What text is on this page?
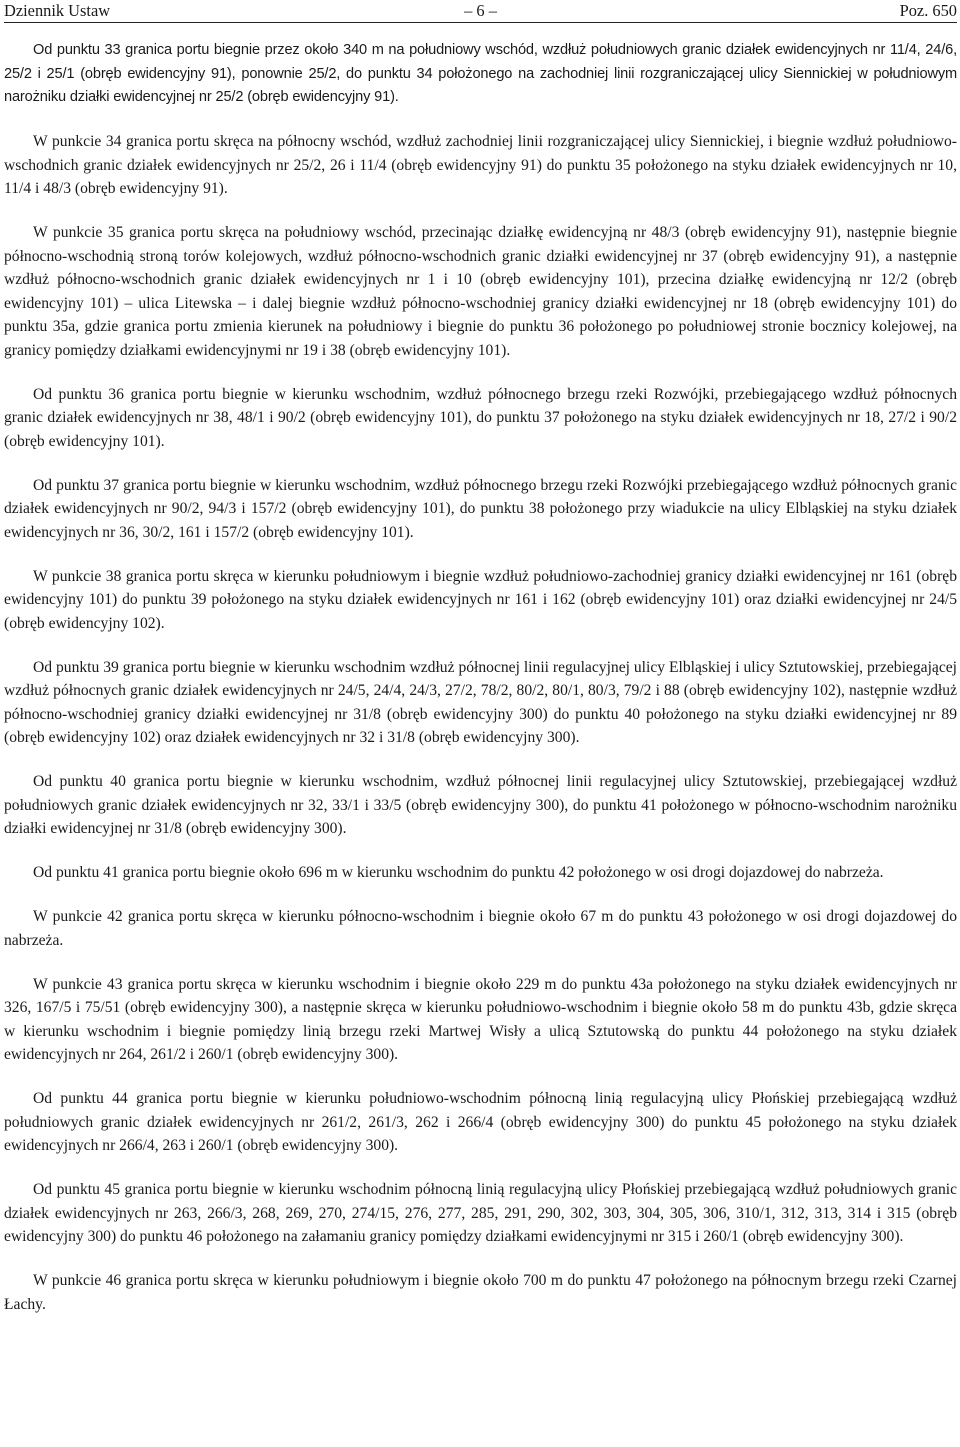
Dziennik Ustaw	– 6 –	Poz. 650

Od punktu 33 granica portu biegnie przez około 340 m na południowy wschód, wzdłuż południowych granic działek ewidencyjnych nr 11/4, 24/6, 25/2 i 25/1 (obręb ewidencyjny 91), ponownie 25/2, do punktu 34 położonego na zachodniej linii rozgraniczającej ulicy Siennickiej w południowym narożniku działki ewidencyjnej nr 25/2 (obręb ewidencyjny 91).

W punkcie 34 granica portu skręca na północny wschód, wzdłuż zachodniej linii rozgraniczającej ulicy Siennickiej, i biegnie wzdłuż południowo-wschodnich granic działek ewidencyjnych nr 25/2, 26 i 11/4 (obręb ewidencyjny 91) do punktu 35 położonego na styku działek ewidencyjnych nr 10, 11/4 i 48/3 (obręb ewidencyjny 91).

W punkcie 35 granica portu skręca na południowy wschód, przecinając działkę ewidencyjną nr 48/3 (obręb ewidencyjny 91), następnie biegnie północno-wschodnią stroną torów kolejowych, wzdłuż północno-wschodnich granic działki ewidencyjnej nr 37 (obręb ewidencyjny 91), a następnie wzdłuż północno-wschodnich granic działek ewidencyjnych nr 1 i 10 (obręb ewidencyjny 101), przecina działkę ewidencyjną nr 12/2 (obręb ewidencyjny 101) – ulica Litewska – i dalej biegnie wzdłuż północno-wschodniej granicy działki ewidencyjnej nr 18 (obręb ewidencyjny 101) do punktu 35a, gdzie granica portu zmienia kierunek na południowy i biegnie do punktu 36 położonego po południowej stronie bocznicy kolejowej, na granicy pomiędzy działkami ewidencyjnymi nr 19 i 38 (obręb ewidencyjny 101).

Od punktu 36 granica portu biegnie w kierunku wschodnim, wzdłuż północnego brzegu rzeki Rozwójki, przebiegającego wzdłuż północnych granic działek ewidencyjnych nr 38, 48/1 i 90/2 (obręb ewidencyjny 101), do punktu 37 położonego na styku działek ewidencyjnych nr 18, 27/2 i 90/2 (obręb ewidencyjny 101).

Od punktu 37 granica portu biegnie w kierunku wschodnim, wzdłuż północnego brzegu rzeki Rozwójki przebiegającego wzdłuż północnych granic działek ewidencyjnych nr 90/2, 94/3 i 157/2 (obręb ewidencyjny 101), do punktu 38 położonego przy wiadukcie na ulicy Elbląskiej na styku działek ewidencyjnych nr 36, 30/2, 161 i 157/2 (obręb ewidencyjny 101).

W punkcie 38 granica portu skręca w kierunku południowym i biegnie wzdłuż południowo-zachodniej granicy działki ewidencyjnej nr 161 (obręb ewidencyjny 101) do punktu 39 położonego na styku działek ewidencyjnych nr 161 i 162 (obręb ewidencyjny 101) oraz działki ewidencyjnej nr 24/5 (obręb ewidencyjny 102).

Od punktu 39 granica portu biegnie w kierunku wschodnim wzdłuż północnej linii regulacyjnej ulicy Elbląskiej i ulicy Sztutowskiej, przebiegającej wzdłuż północnych granic działek ewidencyjnych nr 24/5, 24/4, 24/3, 27/2, 78/2, 80/2, 80/1, 80/3, 79/2 i 88 (obręb ewidencyjny 102), następnie wzdłuż północno-wschodniej granicy działki ewidencyjnej nr 31/8 (obręb ewidencyjny 300) do punktu 40 położonego na styku działki ewidencyjnej nr 89 (obręb ewidencyjny 102) oraz działek ewidencyjnych nr 32 i 31/8 (obręb ewidencyjny 300).

Od punktu 40 granica portu biegnie w kierunku wschodnim, wzdłuż północnej linii regulacyjnej ulicy Sztutowskiej, przebiegającej wzdłuż południowych granic działek ewidencyjnych nr 32, 33/1 i 33/5 (obręb ewidencyjny 300), do punktu 41 położonego w północno-wschodnim narożniku działki ewidencyjnej nr 31/8 (obręb ewidencyjny 300).

Od punktu 41 granica portu biegnie około 696 m w kierunku wschodnim do punktu 42 położonego w osi drogi dojazdowej do nabrzeża.

W punkcie 42 granica portu skręca w kierunku północno-wschodnim i biegnie około 67 m do punktu 43 położonego w osi drogi dojazdowej do nabrzeża.

W punkcie 43 granica portu skręca w kierunku wschodnim i biegnie około 229 m do punktu 43a położonego na styku działek ewidencyjnych nr 326, 167/5 i 75/51 (obręb ewidencyjny 300), a następnie skręca w kierunku południowo-wschodnim i biegnie około 58 m do punktu 43b, gdzie skręca w kierunku wschodnim i biegnie pomiędzy linią brzegu rzeki Martwej Wisły a ulicą Sztutowską do punktu 44 położonego na styku działek ewidencyjnych nr 264, 261/2 i 260/1 (obręb ewidencyjny 300).

Od punktu 44 granica portu biegnie w kierunku południowo-wschodnim północną linią regulacyjną ulicy Płońskiej przebiegającą wzdłuż południowych granic działek ewidencyjnych nr 261/2, 261/3, 262 i 266/4 (obręb ewidencyjny 300) do punktu 45 położonego na styku działek ewidencyjnych nr 266/4, 263 i 260/1 (obręb ewidencyjny 300).

Od punktu 45 granica portu biegnie w kierunku wschodnim północną linią regulacyjną ulicy Płońskiej przebiegającą wzdłuż południowych granic działek ewidencyjnych nr 263, 266/3, 268, 269, 270, 274/15, 276, 277, 285, 291, 290, 302, 303, 304, 305, 306, 310/1, 312, 313, 314 i 315 (obręb ewidencyjny 300) do punktu 46 położonego na załamaniu granicy pomiędzy działkami ewidencyjnymi nr 315 i 260/1 (obręb ewidencyjny 300).

W punkcie 46 granica portu skręca w kierunku południowym i biegnie około 700 m do punktu 47 położonego na północnym brzegu rzeki Czarnej Łachy.
